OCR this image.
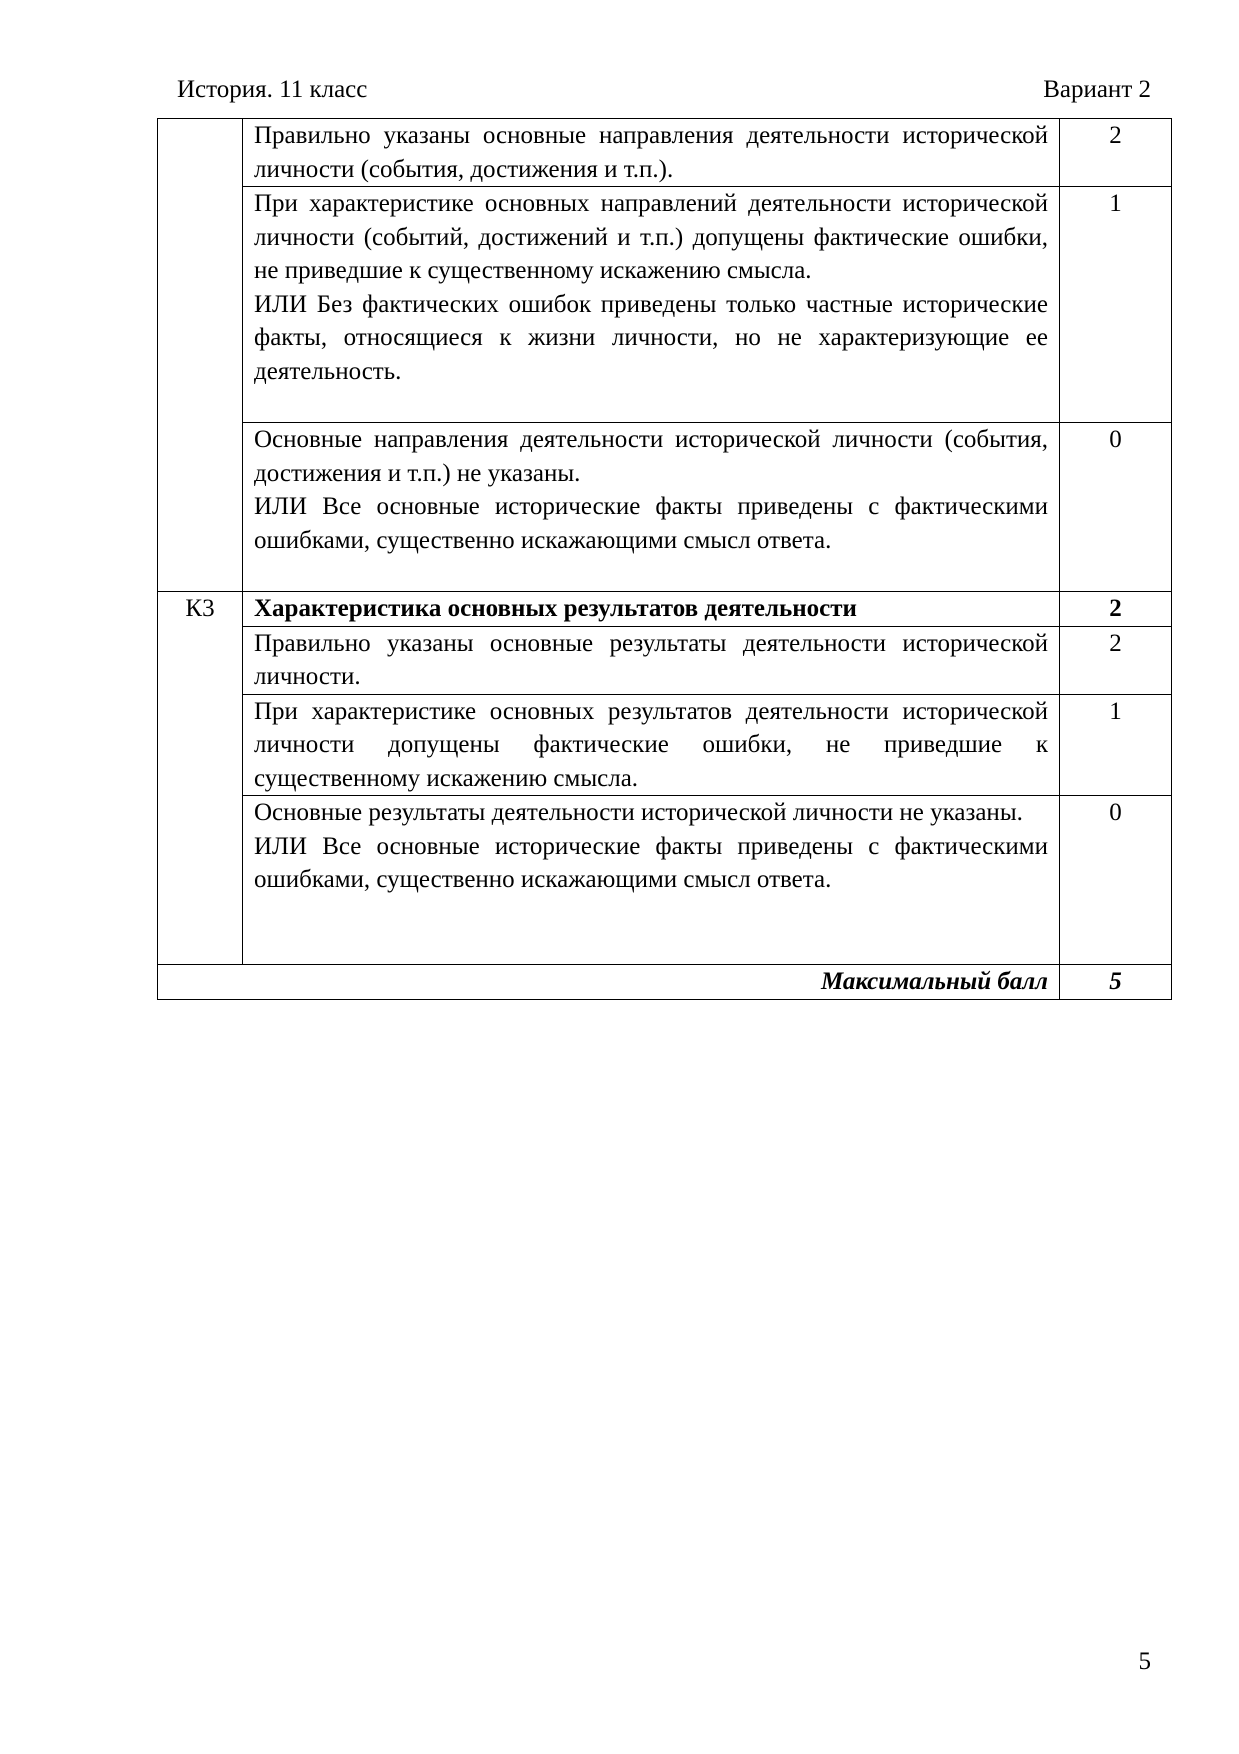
История. 11 класс	Вариант 2

	Правильно указаны основные направления деятельности исторической личности (события, достижения и т.п.).	2

	При характеристике основных направлений деятельности исторической личности (событий, достижений и т.п.) допущены фактические ошибки, не приведшие к существенному искажению смысла.
ИЛИ Без фактических ошибок приведены только частные исторические факты, относящиеся к жизни личности, но не характеризующие ее деятельность.	1

	Основные направления деятельности исторической личности (события, достижения и т.п.) не указаны.
ИЛИ Все основные исторические факты приведены с фактическими ошибками, существенно искажающими смысл ответа.	0
К3	Характеристика основных результатов деятельности	2

	Правильно указаны основные результаты деятельности исторической личности.	2

	При характеристике основных результатов деятельности исторической личности допущены фактические ошибки, не приведшие к существенному искажению смысла.	1

	Основные результаты деятельности исторической личности не указаны.
ИЛИ Все основные исторические факты приведены с фактическими ошибками, существенно искажающими смысл ответа.	0
Максимальный балл		5
5
